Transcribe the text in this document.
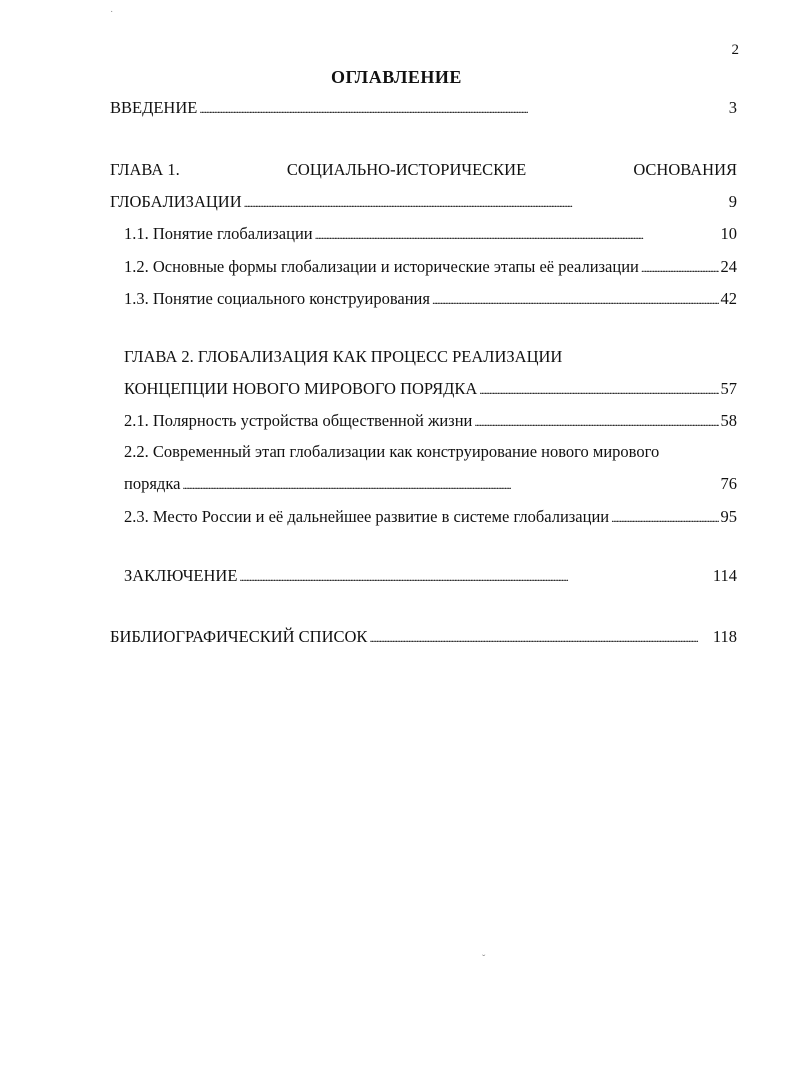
˙
2
ОГЛАВЛЕНИЕ
ВВЕДЕНИЕ . . .	3
ГЛАВА 1.	СОЦИАЛЬНО-ИСТОРИЧЕСКИЕ	ОСНОВАНИЯ
ГЛОБАЛИЗАЦИИ . . .	9
1.1. Понятие глобализации . . .	10
1.2. Основные формы глобализации и исторические этапы её реализации . . .	24
1.3. Понятие социального конструирования . . .	42
ГЛАВА 2. ГЛОБАЛИЗАЦИЯ КАК ПРОЦЕСС РЕАЛИЗАЦИИ
КОНЦЕПЦИИ НОВОГО МИРОВОГО ПОРЯДКА . . .	57
2.1. Полярность устройства общественной жизни . . .	58
2.2. Современный этап глобализации как конструирование нового мирового
порядка . . .	76
2.3. Место России и её дальнейшее развитие в системе глобализации . . .	95
ЗАКЛЮЧЕНИЕ . . .	114
БИБЛИОГРАФИЧЕСКИЙ СПИСОК . . .	118
ˇ
